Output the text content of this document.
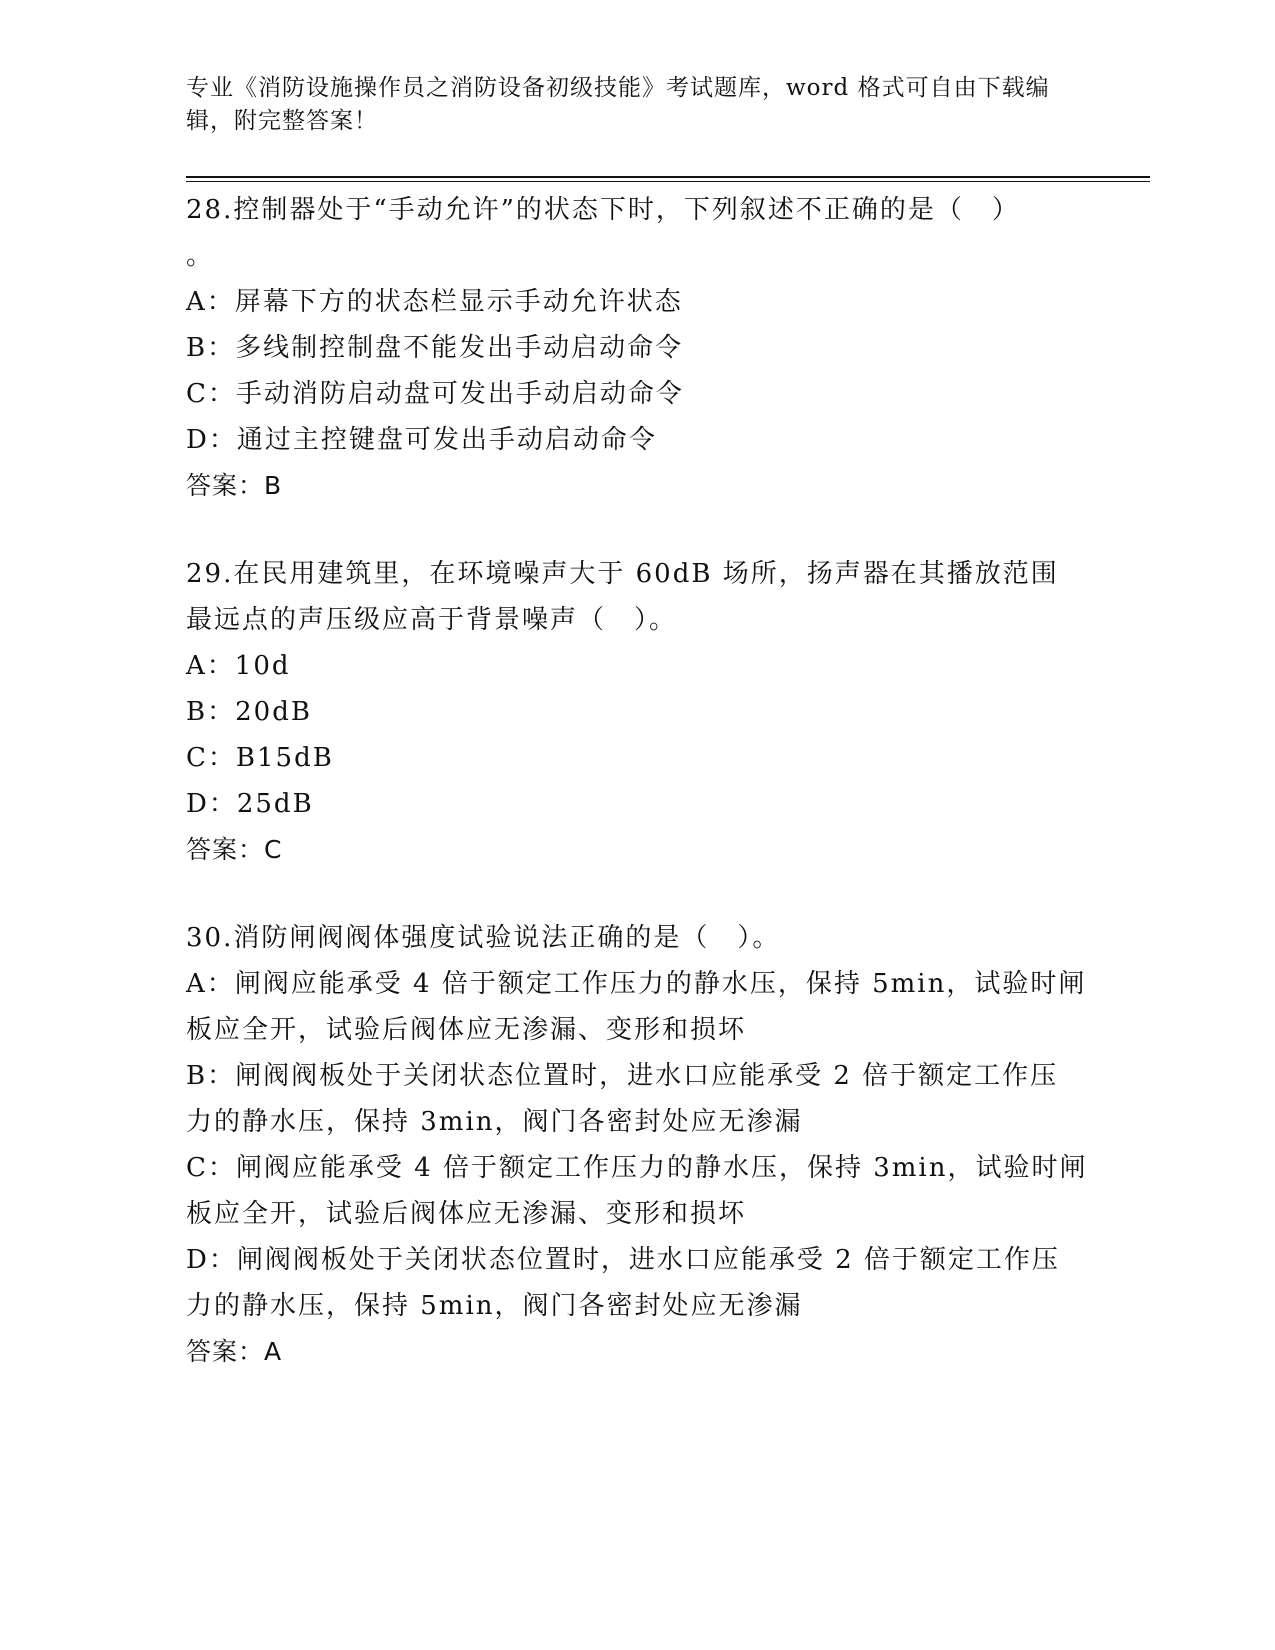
专业《消防设施操作员之消防设备初级技能》考试题库，word 格式可自由下载编
辑，附完整答案！
28.控制器处于“手动允许”的状态下时，下列叙述不正确的是（　）
。
A：屏幕下方的状态栏显示手动允许状态
B：多线制控制盘不能发出手动启动命令
C：手动消防启动盘可发出手动启动命令
D：通过主控键盘可发出手动启动命令
答案：B
29.在民用建筑里，在环境噪声大于 60dB 场所，扬声器在其播放范围
最远点的声压级应高于背景噪声（　）。
A：10d
B：20dB
C：B15dB
D：25dB
答案：C
30.消防闸阀阀体强度试验说法正确的是（　）。
A：闸阀应能承受 4 倍于额定工作压力的静水压，保持 5min，试验时闸
板应全开，试验后阀体应无渗漏、变形和损坏
B：闸阀阀板处于关闭状态位置时，进水口应能承受 2 倍于额定工作压
力的静水压，保持 3min，阀门各密封处应无渗漏
C：闸阀应能承受 4 倍于额定工作压力的静水压，保持 3min，试验时闸
板应全开，试验后阀体应无渗漏、变形和损坏
D：闸阀阀板处于关闭状态位置时，进水口应能承受 2 倍于额定工作压
力的静水压，保持 5min，阀门各密封处应无渗漏
答案：A
